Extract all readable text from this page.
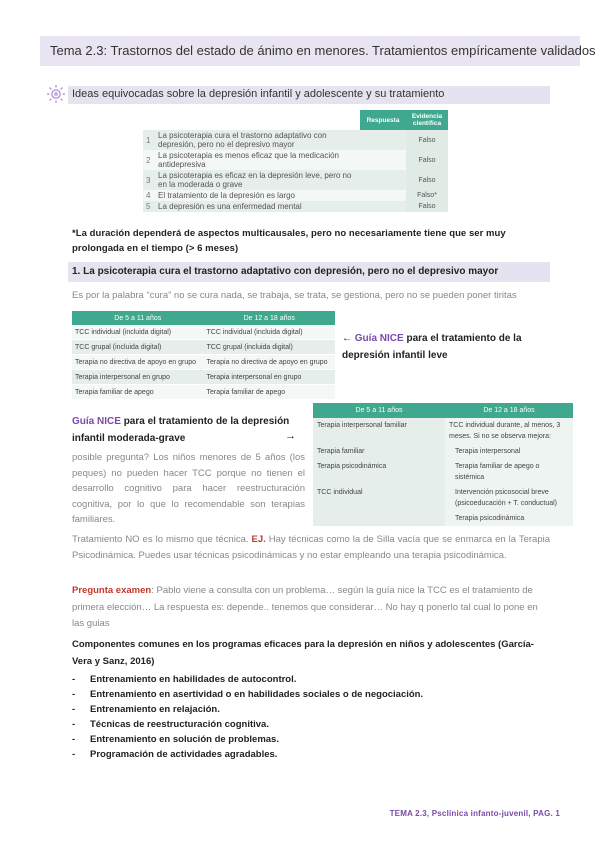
Tema 2.3: Trastornos del estado de ánimo en menores. Tratamientos empíricamente validados
Ideas equivocadas sobre la depresión infantil y adolescente y su tratamiento
		Respuesta	Evidencia científica
1	La psicoterapia cura el trastorno adaptativo con depresión, pero no el depresivo mayor		Falso
2	La psicoterapia es menos eficaz que la medicación antidepresiva		Falso
3	La psicoterapia es eficaz en la depresión leve, pero no en la moderada o grave		Falso
4	El tratamiento de la depresión es largo		Falso*
5	La depresión es una enfermedad mental		Falso
*La duración dependerá de aspectos multicausales, pero no necesariamente tiene que ser muy prolongada en el tiempo (> 6 meses)
1. La psicoterapia cura el trastorno adaptativo con depresión, pero no el depresivo mayor
Es por la palabra “cura” no se cura nada, se trabaja, se trata, se gestiona, pero no se pueden poner tiritas
De 5 a 11 años	De 12 a 18 años
TCC individual (incluida digital)	TCC individual (incluida digital)
TCC grupal (incluida digital)	TCC grupal (incluida digital)
Terapia no directiva de apoyo en grupo	Terapia no directiva de apoyo en grupo
Terapia interpersonal en grupo	Terapia interpersonal en grupo
Terapia familiar de apego	Terapia familiar de apego
← Guía NICE para el tratamiento de la depresión infantil leve
Guía NICE para el tratamiento de la depresión infantil moderada-grave	→
De 5 a 11 años	De 12 a 18 años
Terapia interpersonal familiar	TCC individual durante, al menos, 3 meses. Si no se observa mejora:
Terapia familiar	Terapia interpersonal
Terapia psicodinámica	Terapia familiar de apego o sistémica
TCC individual	Intervención psicosocial breve (psicoeducación + T. conductual)
	Terapia psicodinámica
posible pregunta? Los niños menores de 5 años (los peques) no pueden hacer TCC porque no tienen el desarrollo cognitivo para hacer reestructuración cognitiva, por lo que lo recomendable son terapias familiares.
Tratamiento NO es lo mismo que técnica. EJ. Hay técnicas como la de Silla vacía que se enmarca en la Terapia Psicodinámica. Puedes usar técnicas psicodinámicas y no estar empleando una terapia psicodinámica.
Pregunta examen: Pablo viene a consulta con un problema… según la guía nice la TCC es el tratamiento de primera elección… La respuesta es: depende.. tenemos que considerar… No hay q ponerlo tal cual lo pone en las guias
Componentes comunes en los programas eficaces para la depresión en niños y adolescentes (García-Vera y Sanz, 2016)
- Entrenamiento en habilidades de autocontrol.
- Entrenamiento en asertividad o en habilidades sociales o de negociación.
- Entrenamiento en relajación.
- Técnicas de reestructuración cognitiva.
- Entrenamiento en solución de problemas.
- Programación de actividades agradables.
TEMA 2.3, Psclínica infanto-juvenil, PAG. 1
